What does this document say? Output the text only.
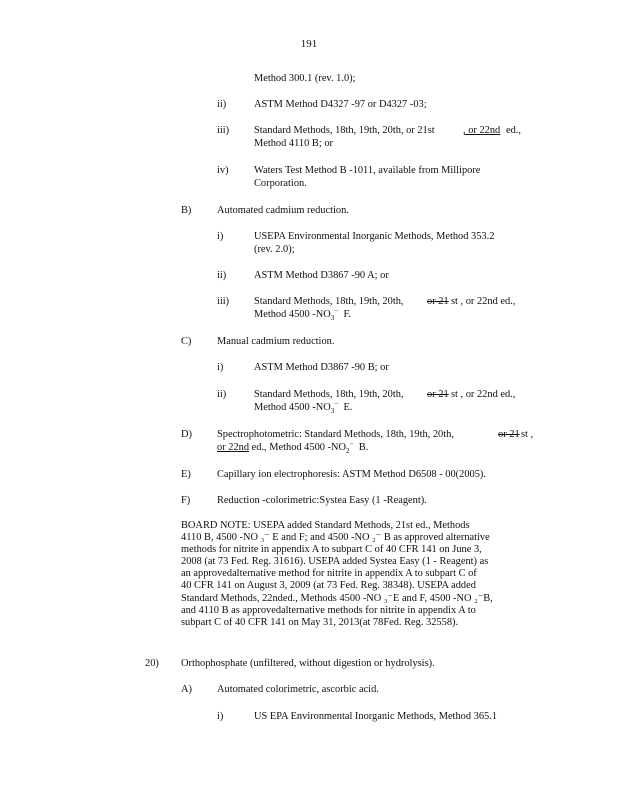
191
Method 300.1 (rev. 1.0);
ii)	ASTM Method D4327 -97 or D4327 -03;
iii) Standard Methods, 18th, 19th, 20th, or 21st	, or 22nd ed.,
Method 4110 B; or
iv) Waters Test Method B -1011, available from Millipore
Corporation.
B) Automated cadmium reduction.
i)	USEPA Environmental Inorganic Methods, Method 353.2
(rev. 2.0);
ii)	ASTM Method D3867 -90 A; or
iii) Standard Methods, 18th, 19th, 20th, or 21 st , or 22nd ed.,
Method 4500 $-NO_3^-$ F.
C) Manual cadmium reduction.
i)	ASTM Method D3867 -90 B; or
ii)	Standard Methods, 18th, 19th, 20th, or 21 st , or 22nd ed.,
Method 4500 $-NO_3^-$ E.
D) Spectrophotometric: Standard Methods, 18th, 19th, 20th,	or 21 st ,
or 22nd ed., Method 4500 $-NO_2^-$ B.
E)	Capillary ion electrophoresis: ASTM Method D6508 - 00(2005).
F)	Reduction -colorimetric:Systea Easy (1 -Reagent).
BOARD NOTE: USEPA added Standard Methods, 21st ed., Methods
4110 B, 4500 -NO ₃⁻ E and F; and 4500 -NO ₂⁻ B as approved alternative
methods for nitrite in appendix A to subpart C of 40 CFR 141 on June 3,
2008 (at 73 Fed. Reg. 31616). USEPA added Systea Easy (1 - Reagent) as
an approvedalternative method for nitrite in appendix A to subpart C of
40 CFR 141 on August 3, 2009 (at 73 Fed. Reg. 38348). USEPA added
Standard Methods, 22nded., Methods 4500 -NO ₃⁻E and F, 4500 -NO ₂⁻B,
and 4110 B as approvedalternative methods for nitrite in appendix A to
subpart C of 40 CFR 141 on May 31, 2013(at 78Fed. Reg. 32558).
20) Orthophosphate (unfiltered, without digestion or hydrolysis).
A) Automated colorimetric, ascorbic acid.
i)	US EPA Environmental Inorganic Methods, Method 365.1
